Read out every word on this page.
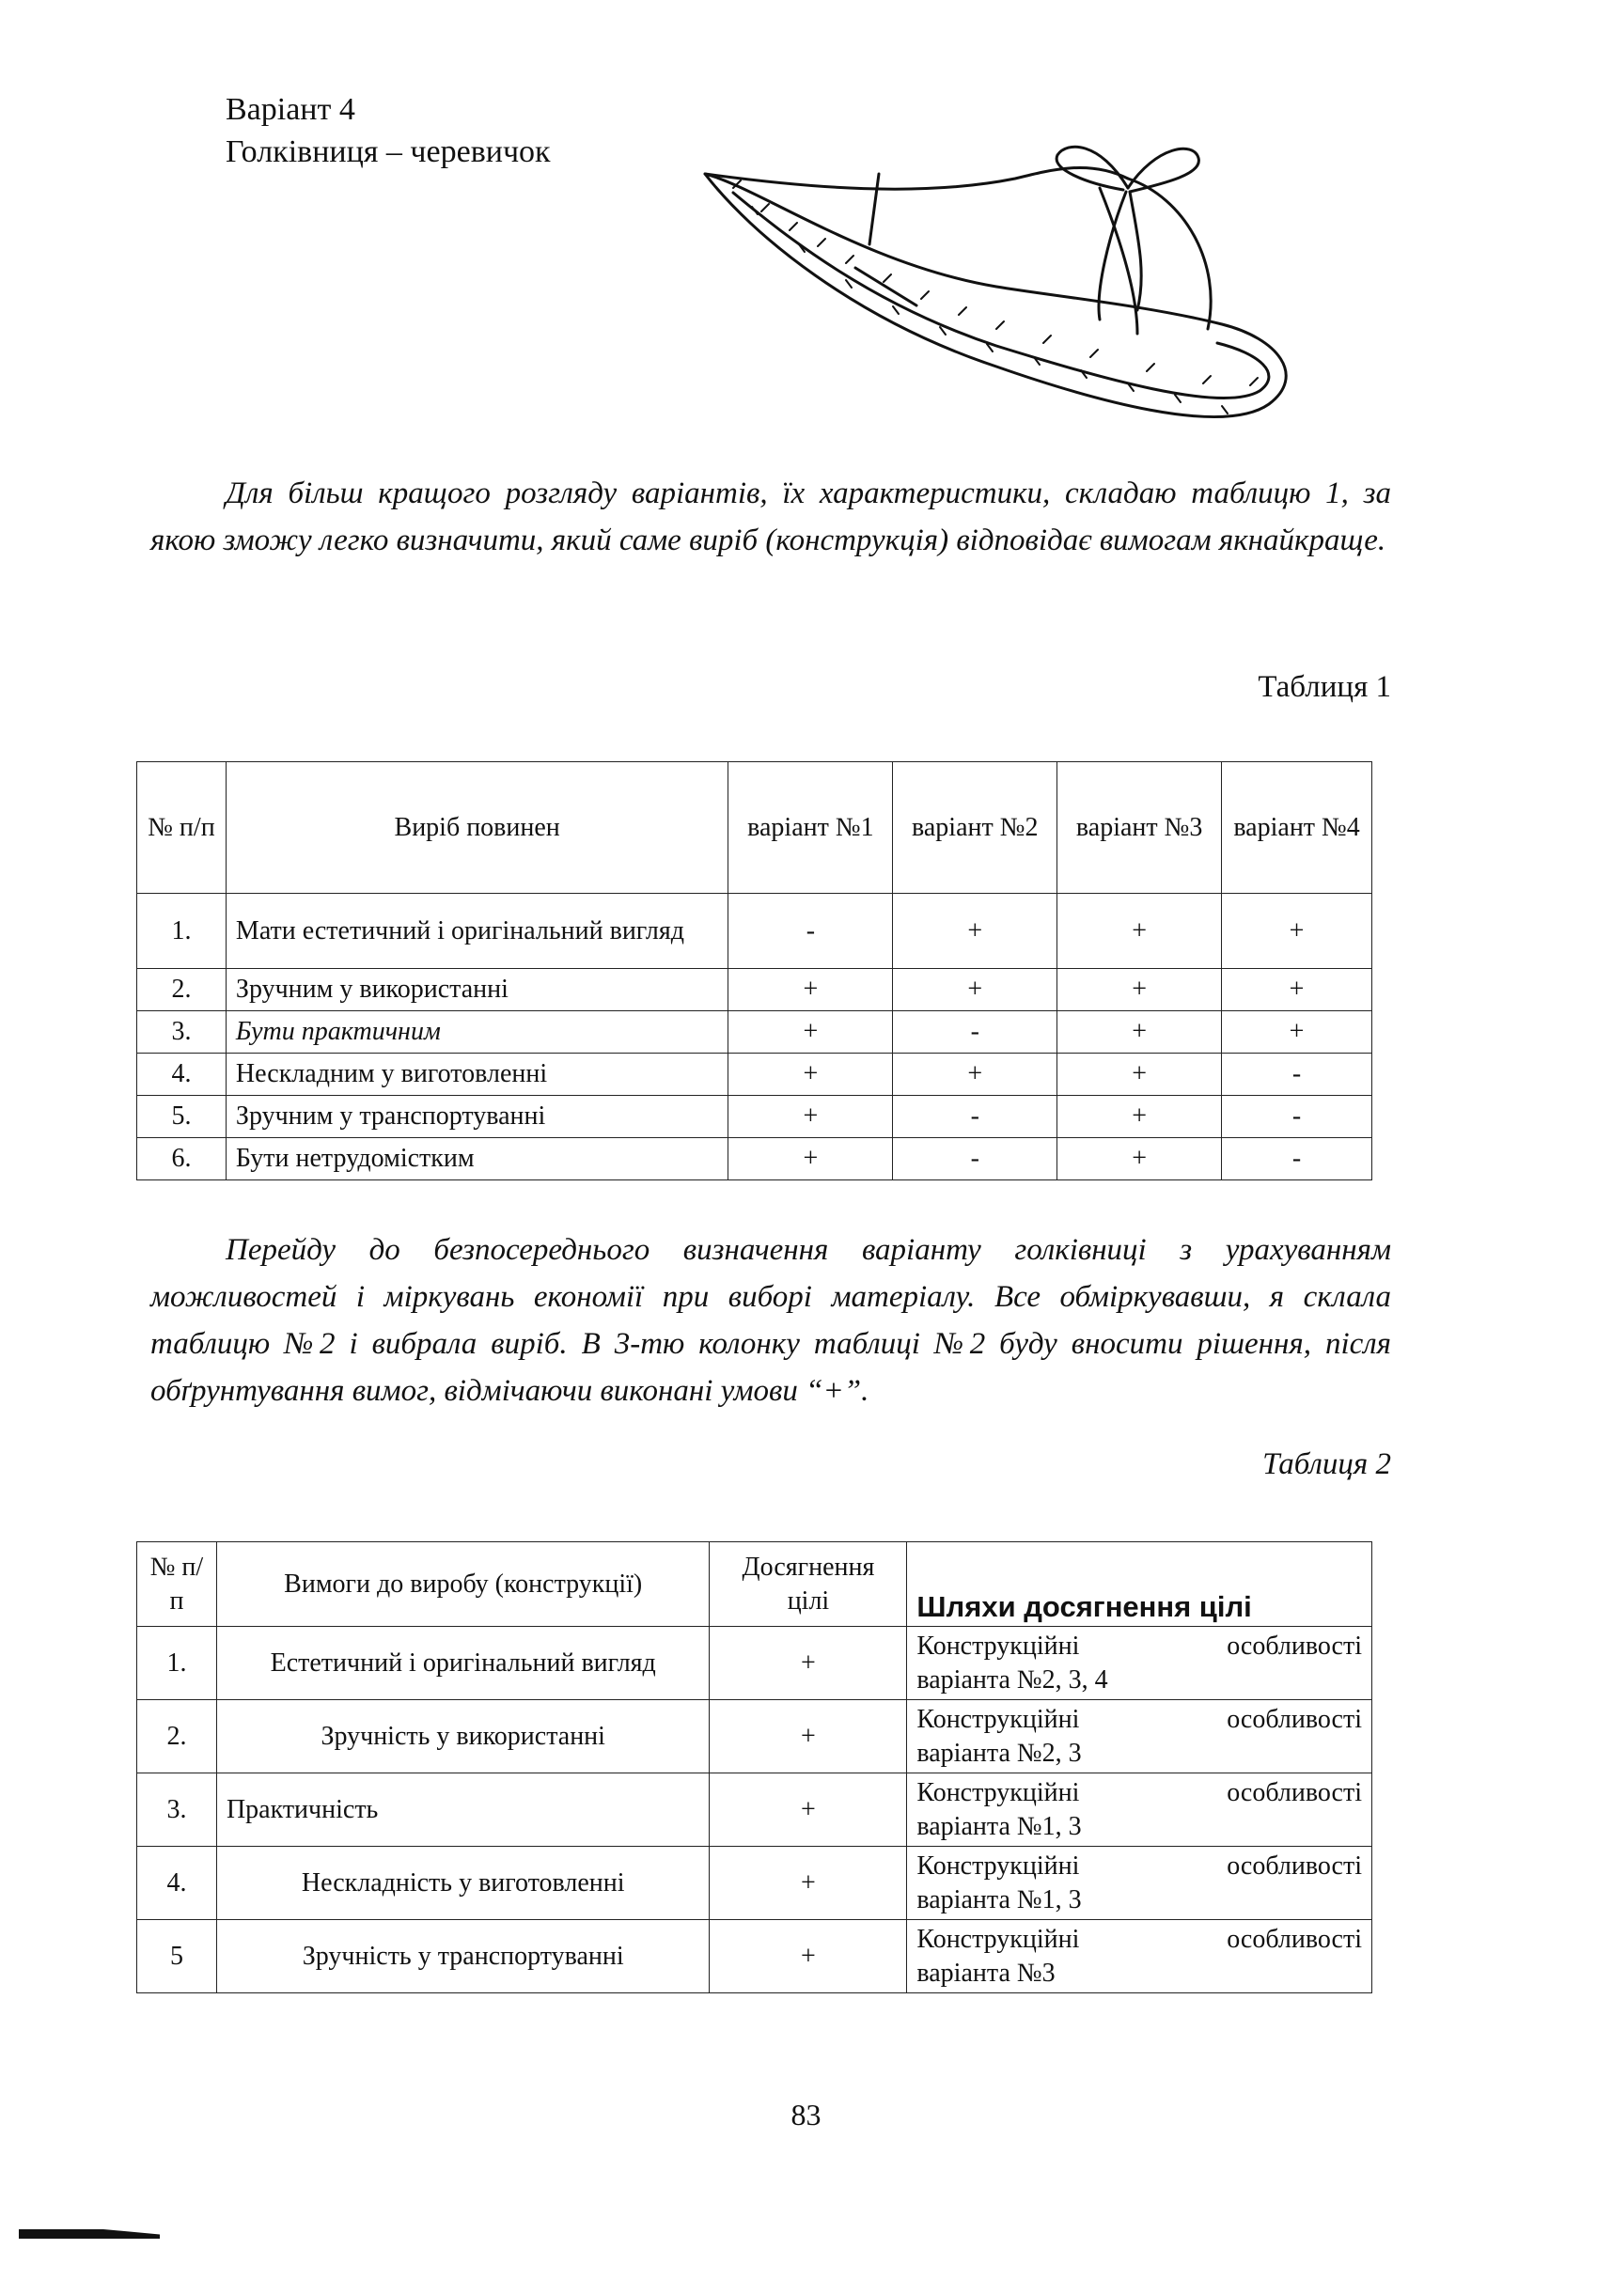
Варіант 4
Голківниця – черевичок
Для більш кращого розгляду варіантів, їх характеристики, складаю таблицю 1, за якою зможу легко визначити, який саме виріб (конструкція) відповідає вимогам якнайкраще.
Таблиця 1
№ п/п	Виріб повинен	варіант №1	варіант №2	варіант №3	варіант №4
1.	Мати естетичний і оригінальний вигляд	-	+	+	+
2.	Зручним у використанні	+	+	+	+
3.	Бути практичним	+	-	+	+
4.	Нескладним у виготовленні	+	+	+	-
5.	Зручним у транспортуванні	+	-	+	-
6.	Бути нетрудомістким	+	-	+	-
Перейду до безпосереднього визначення варіанту голківниці з урахуванням можливостей і міркувань економії при виборі матеріалу. Все обміркувавши, я склала таблицю №2 і вибрала виріб. В 3-тю колонку таблиці №2 буду вносити рішення, після обґрунтування вимог, відмічаючи виконані умови “+”.
Таблиця 2
№ п/п	Вимоги до виробу (конструкції)	Досягнення цілі	Шляхи досягнення цілі
1.	Естетичний і оригінальний вигляд	+	Конструкційні особливості
варіанта №2, 3, 4

2.	Зручність у використанні	+	Конструкційні особливості
варіанта №2, 3

3.	Практичність	+	Конструкційні особливості
варіанта №1, 3

4.	Нескладність у виготовленні	+	Конструкційні особливості
варіанта №1, 3

5	Зручність у транспортуванні	+	Конструкційні особливості
варіанта №3
83
